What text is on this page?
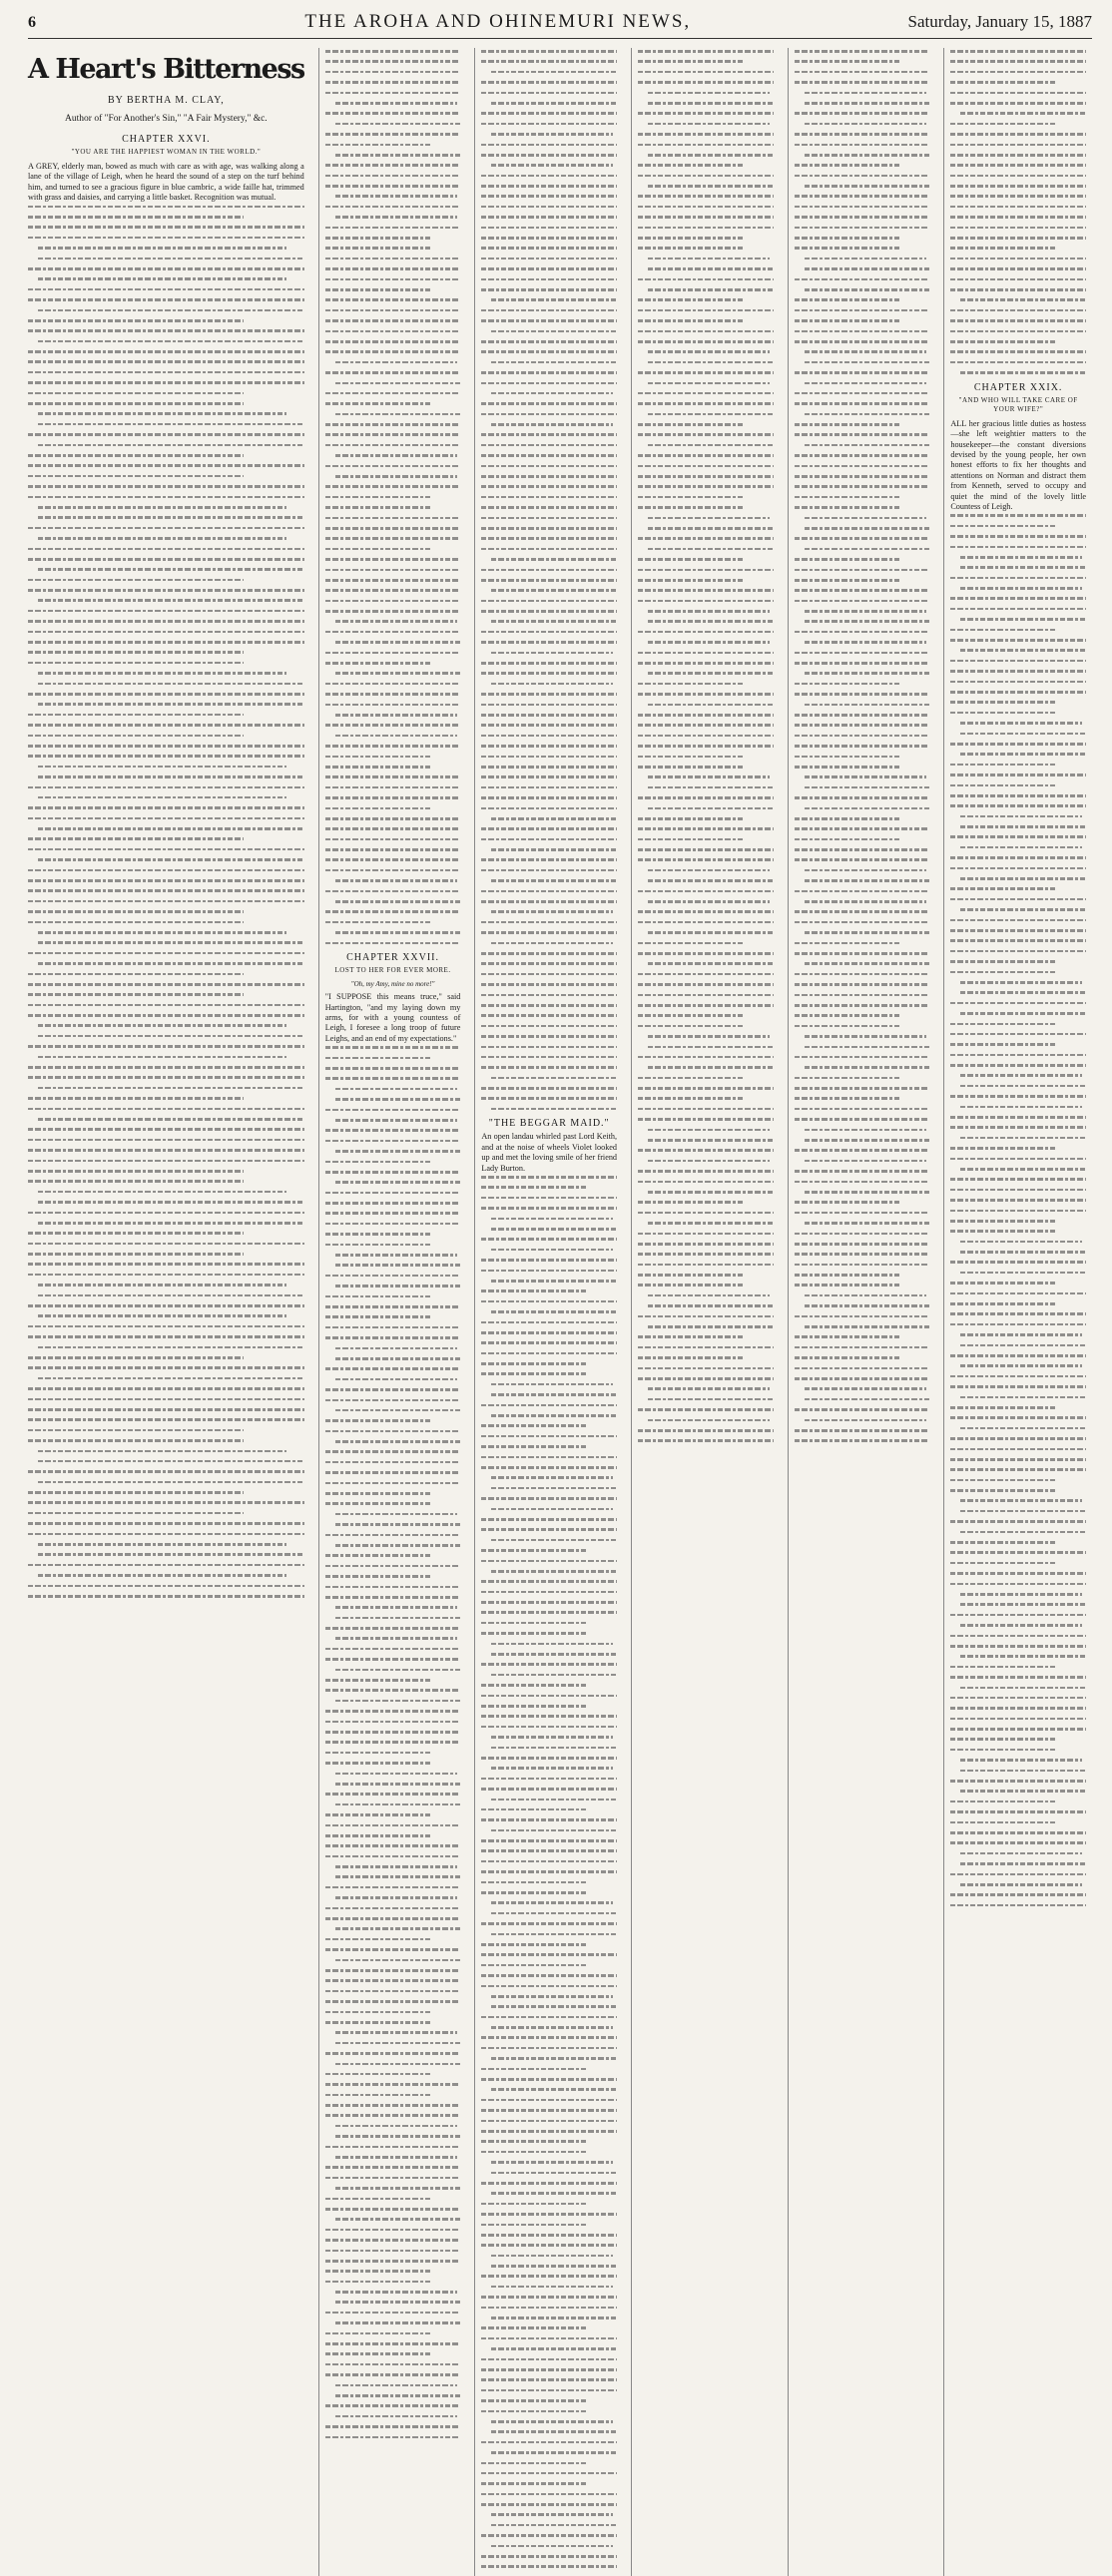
6	THE AROHA AND OHINEMURI NEWS,	Saturday, January 15, 1887
A Heart's Bitterness
BY BERTHA M. CLAY,
Author of "For Another's Sin," "A Fair Mystery," &c.
CHAPTER XXVI.
"YOU ARE THE HAPPIEST WOMAN IN THE WORLD."

A GREY, elderly man, bowed as much with care as with age, was walking along a lane of the village of Leigh, when he heard the sound of a step on the turf behind him, and turned to see a gracious figure in blue cambric, a wide faille hat, trimmed with grass and daisies, and carrying a little basket. Recognition was mutual.

CHAPTER XXVII.
LOST TO HER FOR EVER MORE.
"Oh, my Amy, mine no more!"

"I SUPPOSE this means truce," said Hartington, "and my laying down my arms, for with a young countess of Leigh, I foresee a long troop of future Leighs, and an end of my expectations."

"THE BEGGAR MAID."

An open landau whirled past Lord Keith, and at the noise of wheels Violet looked up and met the loving smile of her friend Lady Burton.

CHAPTER XXIX.
"AND WHO WILL TAKE CARE OF YOUR WIFE?"

ALL her gracious little duties as hostess—she left weightier matters to the housekeeper—the constant diversions devised by the young people, her own honest efforts to fix her thoughts and attentions on Norman and distract them from Kenneth, served to occupy and quiet the mind of the lovely little Countess of Leigh.
